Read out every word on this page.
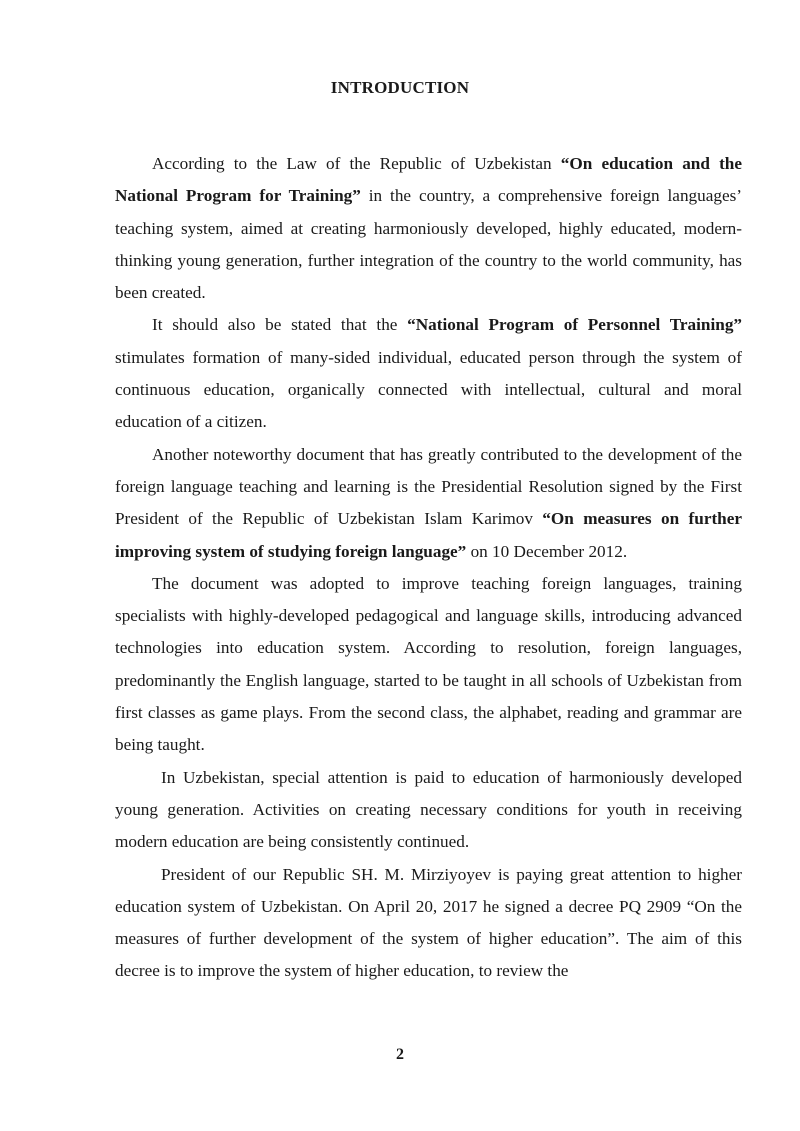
INTRODUCTION

According to the Law of the Republic of Uzbekistan “On education and the National Program for Training” in the country, a comprehensive foreign languages’ teaching system, aimed at creating harmoniously developed, highly educated, modern-thinking young generation, further integration of the country to the world community, has been created.

It should also be stated that the “National Program of Personnel Training” stimulates formation of many-sided individual, educated person through the system of continuous education, organically connected with intellectual, cultural and moral education of a citizen.

Another noteworthy document that has greatly contributed to the development of the foreign language teaching and learning is the Presidential Resolution signed by the First President of the Republic of Uzbekistan Islam Karimov “On measures on further improving system of studying foreign language” on 10 December 2012.

The document was adopted to improve teaching foreign languages, training specialists with highly-developed pedagogical and language skills, introducing advanced technologies into education system. According to resolution, foreign languages, predominantly the English language, started to be taught in all schools of Uzbekistan from first classes as game plays. From the second class, the alphabet, reading and grammar are being taught.

In Uzbekistan, special attention is paid to education of harmoniously developed young generation. Activities on creating necessary conditions for youth in receiving modern education are being consistently continued.

President of our Republic SH. M. Mirziyoyev is paying great attention to higher education system of Uzbekistan. On April 20, 2017 he signed a decree PQ 2909 “On the measures of further development of the system of higher education”. The aim of this decree is to improve the system of higher education, to review the

2
